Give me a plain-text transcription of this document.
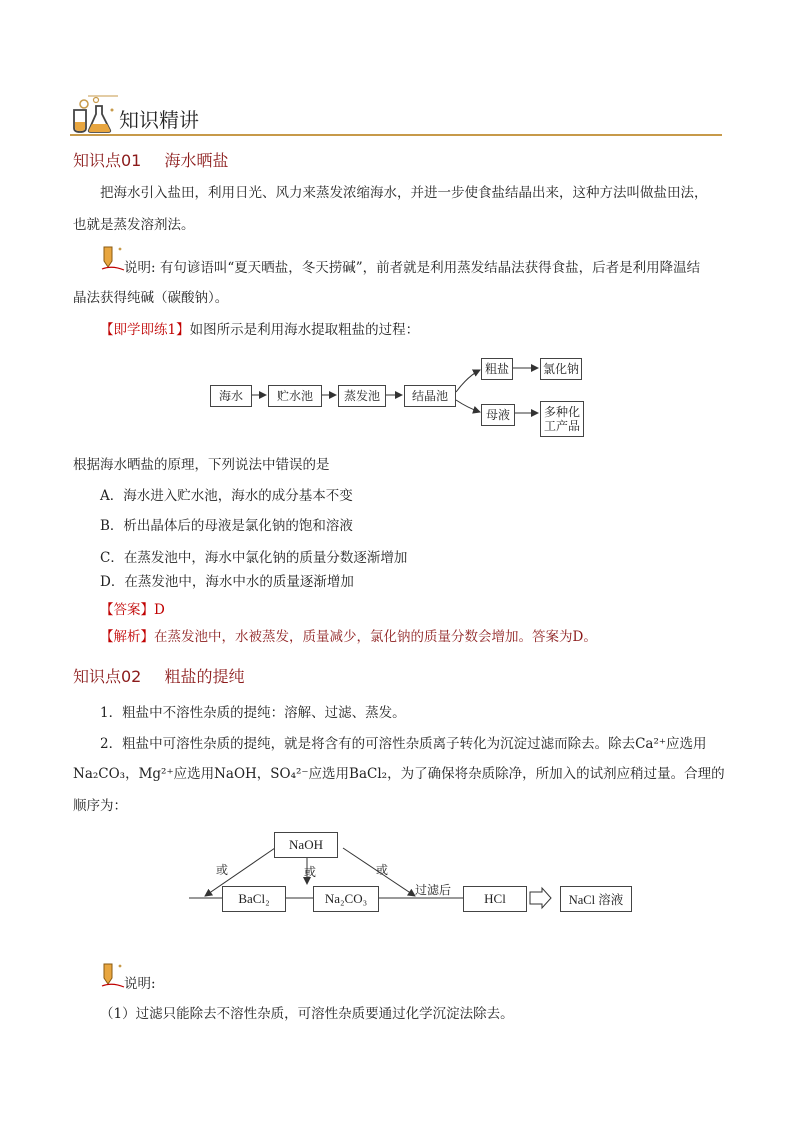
知识精讲
知识点01 海水晒盐
把海水引入盐田，利用日光、风力来蒸发浓缩海水，并进一步使食盐结晶出来，这种方法叫做盐田法，
也就是蒸发溶剂法。
说明: 有句谚语叫“夏天晒盐，冬天捞碱”，前者就是利用蒸发结晶法获得食盐，后者是利用降温结
晶法获得纯碱（碳酸钠）。
【即学即练1】如图所示是利用海水提取粗盐的过程：
海水	贮水池	蒸发池	结晶池
粗盐	氯化钠
母液	多种化
工产品
根据海水晒盐的原理，下列说法中错误的是
A．海水进入贮水池，海水的成分基本不变
B．析出晶体后的母液是氯化钠的饱和溶液
C．在蒸发池中，海水中氯化钠的质量分数逐渐增加
D．在蒸发池中，海水中水的质量逐渐增加
【答案】D
【解析】在蒸发池中，水被蒸发，质量减少，氯化钠的质量分数会增加。答案为D。
知识点02 粗盐的提纯
1．粗盐中不溶性杂质的提纯：溶解、过滤、蒸发。
2．粗盐中可溶性杂质的提纯，就是将含有的可溶性杂质离子转化为沉淀过滤而除去。除去Ca²⁺应选用
Na₂CO₃，Mg²⁺应选用NaOH，SO₄²⁻应选用BaCl₂，为了确保将杂质除净，所加入的试剂应稍过量。合理的
顺序为：
NaOH
BaCl₂	Na₂CO₃	HCl	NaCl 溶液
或	或	或
过滤后
说明:
（1）过滤只能除去不溶性杂质，可溶性杂质要通过化学沉淀法除去。
